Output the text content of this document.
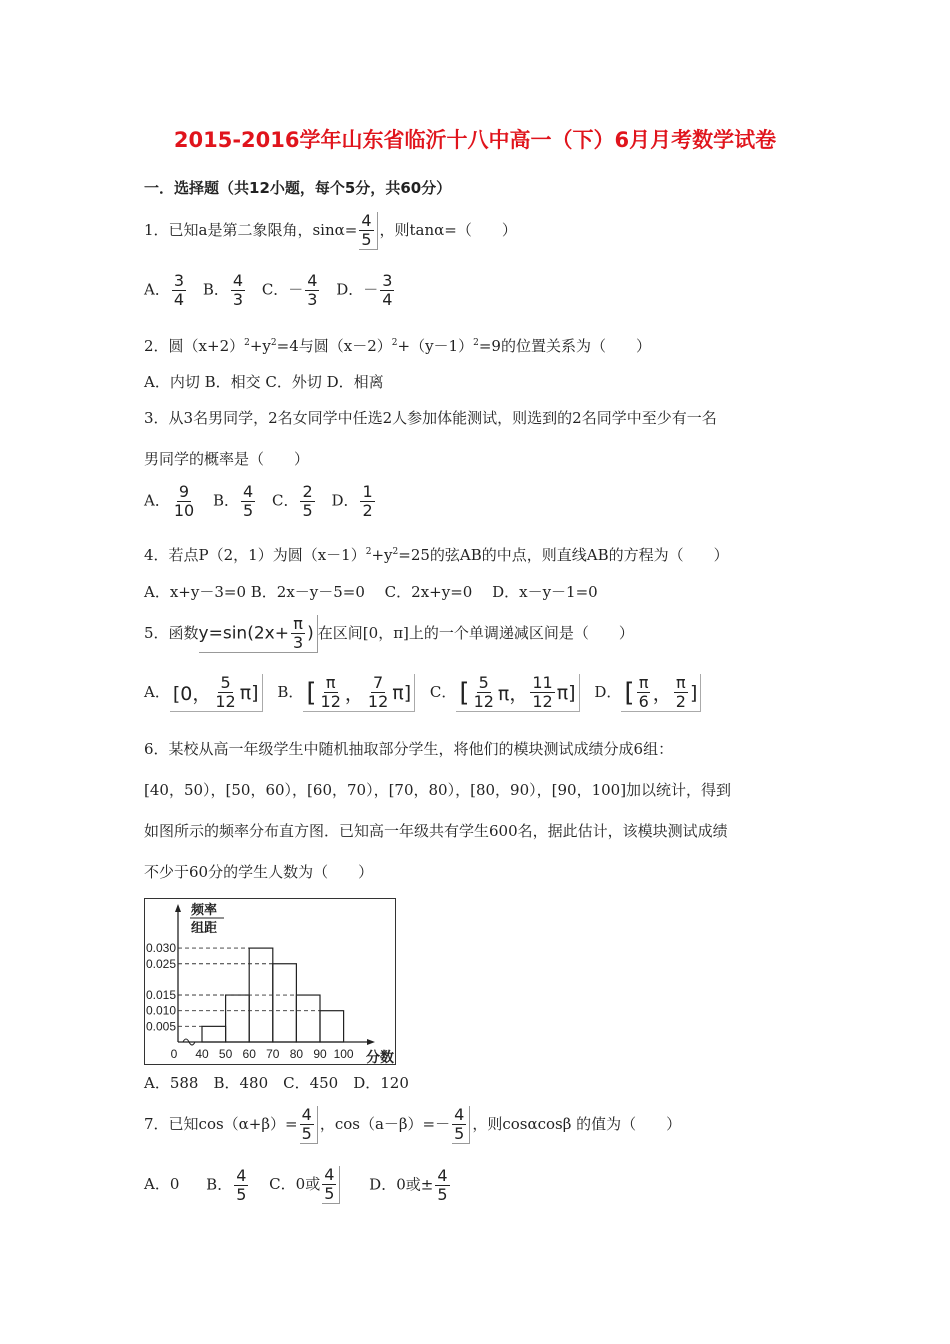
2015-2016学年山东省临沂十八中高一（下）6月月考数学试卷
一．选择题（共12小题，每个5分，共60分）
1．已知a是第二象限角，$\sin\alpha= \frac{4}{5}$ ，则tanα=（　　）
A． $\frac{3}{4}$ B． $\frac{4}{3}$ C．－ $\frac{4}{3}$ D．－ $\frac{3}{4}$
2．圆$(x+2)^2+y^2=4$与圆$(x-2)^2+(y-1)^2=9$的位置关系为（　　）
A．内切 B．相交 C．外切 D．相离
3．从3名男同学，2名女同学中任选2人参加体能测试，则选到的2名同学中至少有一名
男同学的概率是（　　）
A． $\frac{9}{10}$ B． $\frac{4}{5}$ C． $\frac{2}{5}$ D． $\frac{1}{2}$
4．若点P（2，1）为圆$(x-1)^2+y^2=25$的弦AB的中点，则直线AB的方程为（　　）
A．x+y－3=0 B．2x－y－5=0　 C．2x+y=0　 D．x－y－1=0
5．函数$y=\sin(2x+ \frac{\pi}{3}$ ) 在区间[0，π]上的一个单调递减区间是（　　）
A． [0， $\frac{5}{12} \pi$] B． [ $\frac{\pi}{12}$ ， $\frac{7}{12} \pi$] C． [ $\frac{5}{12}$ π， $\frac{11}{12} \pi$] D． [ $\frac{\pi}{6}$ ， $\frac{\pi}{2}$ ]
6．某校从高一年级学生中随机抽取部分学生，将他们的模块测试成绩分成6组：
[40，50），[50，60），[60，70），[70，80），[80，90），[90，100]加以统计，得到
如图所示的频率分布直方图．已知高一年级共有学生600名，据此估计，该模块测试成绩
不少于60分的学生人数为（　　）
0.030
0.025
0.015
0.010
0.005
40 50 60 70 80 90 100
0
频率
组距
分数
A．588　B．480　C．450　D．120
7．已知$\cos(\alpha+\beta)= \frac{4}{5}$ ，$\cos(a-\beta)=- \frac{4}{5}$ ，则cosαcosβ 的值为（　　）
A．0 B． $\frac{4}{5}$ C．0或 $\frac{4}{5}$ D．0或± $\frac{4}{5}$
